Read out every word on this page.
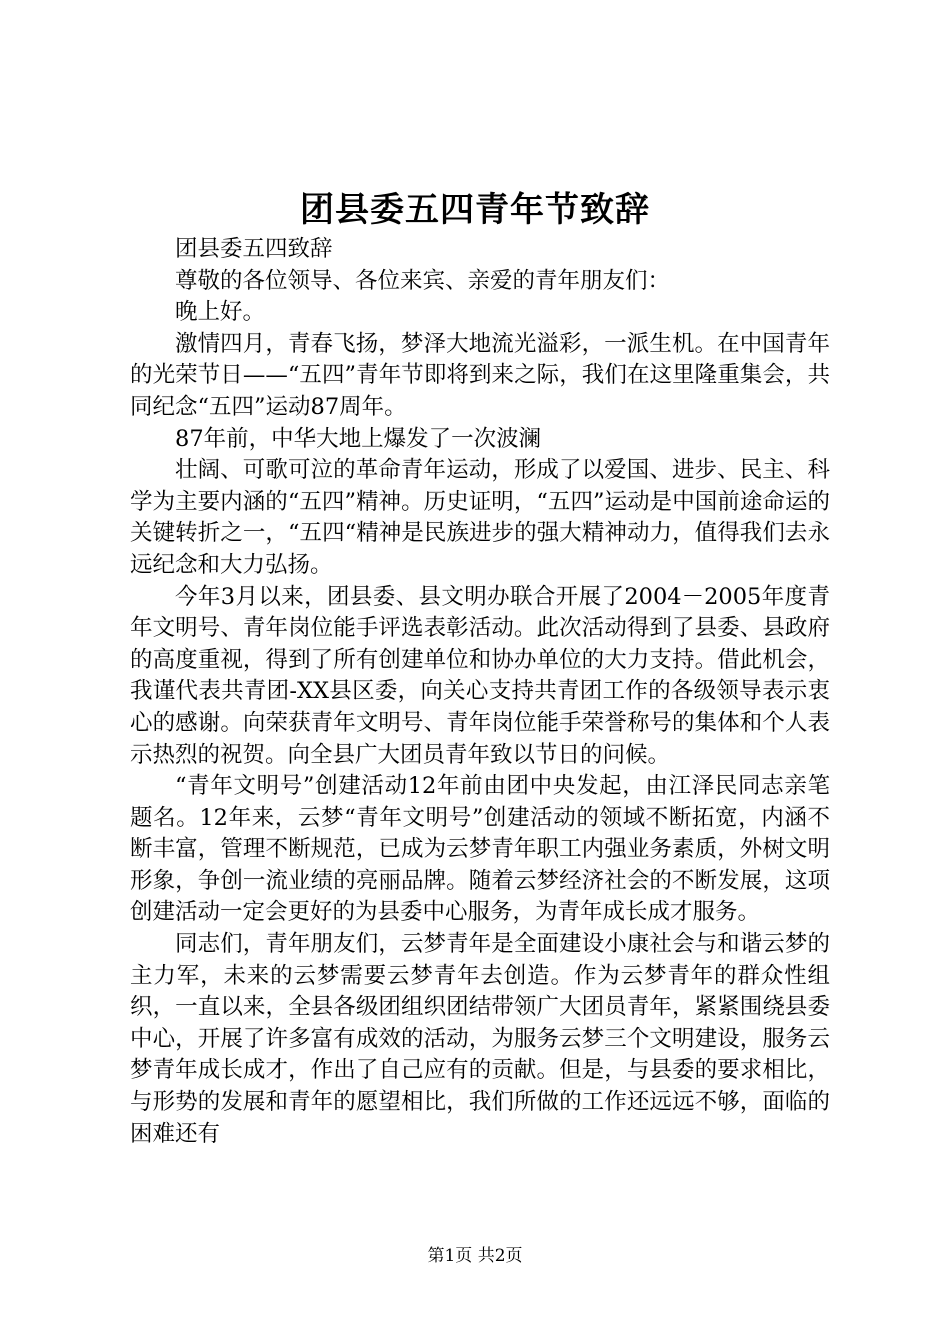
团县委五四青年节致辞

团县委五四致辞

尊敬的各位领导、各位来宾、亲爱的青年朋友们：

晚上好。

激情四月，青春飞扬，梦泽大地流光溢彩，一派生机。在中国青年的光荣节日——“五四”青年节即将到来之际，我们在这里隆重集会，共同纪念“五四”运动87周年。

87年前，中华大地上爆发了一次波澜

壮阔、可歌可泣的革命青年运动，形成了以爱国、进步、民主、科学为主要内涵的“五四”精神。历史证明，“五四”运动是中国前途命运的关键转折之一，“五四“精神是民族进步的强大精神动力，值得我们去永远纪念和大力弘扬。

今年3月以来，团县委、县文明办联合开展了2004－2005年度青年文明号、青年岗位能手评选表彰活动。此次活动得到了县委、县政府的高度重视，得到了所有创建单位和协办单位的大力支持。借此机会，我谨代表共青团-XX县区委，向关心支持共青团工作的各级领导表示衷心的感谢。向荣获青年文明号、青年岗位能手荣誉称号的集体和个人表示热烈的祝贺。向全县广大团员青年致以节日的问候。

“青年文明号”创建活动12年前由团中央发起，由江泽民同志亲笔题名。12年来，云梦“青年文明号”创建活动的领域不断拓宽，内涵不断丰富，管理不断规范，已成为云梦青年职工内强业务素质，外树文明形象，争创一流业绩的亮丽品牌。随着云梦经济社会的不断发展，这项创建活动一定会更好的为县委中心服务，为青年成长成才服务。

同志们，青年朋友们，云梦青年是全面建设小康社会与和谐云梦的主力军，未来的云梦需要云梦青年去创造。作为云梦青年的群众性组织，一直以来，全县各级团组织团结带领广大团员青年，紧紧围绕县委中心，开展了许多富有成效的活动，为服务云梦三个文明建设，服务云梦青年成长成才，作出了自己应有的贡献。但是，与县委的要求相比，与形势的发展和青年的愿望相比，我们所做的工作还远远不够，面临的困难还有

第1页 共2页
